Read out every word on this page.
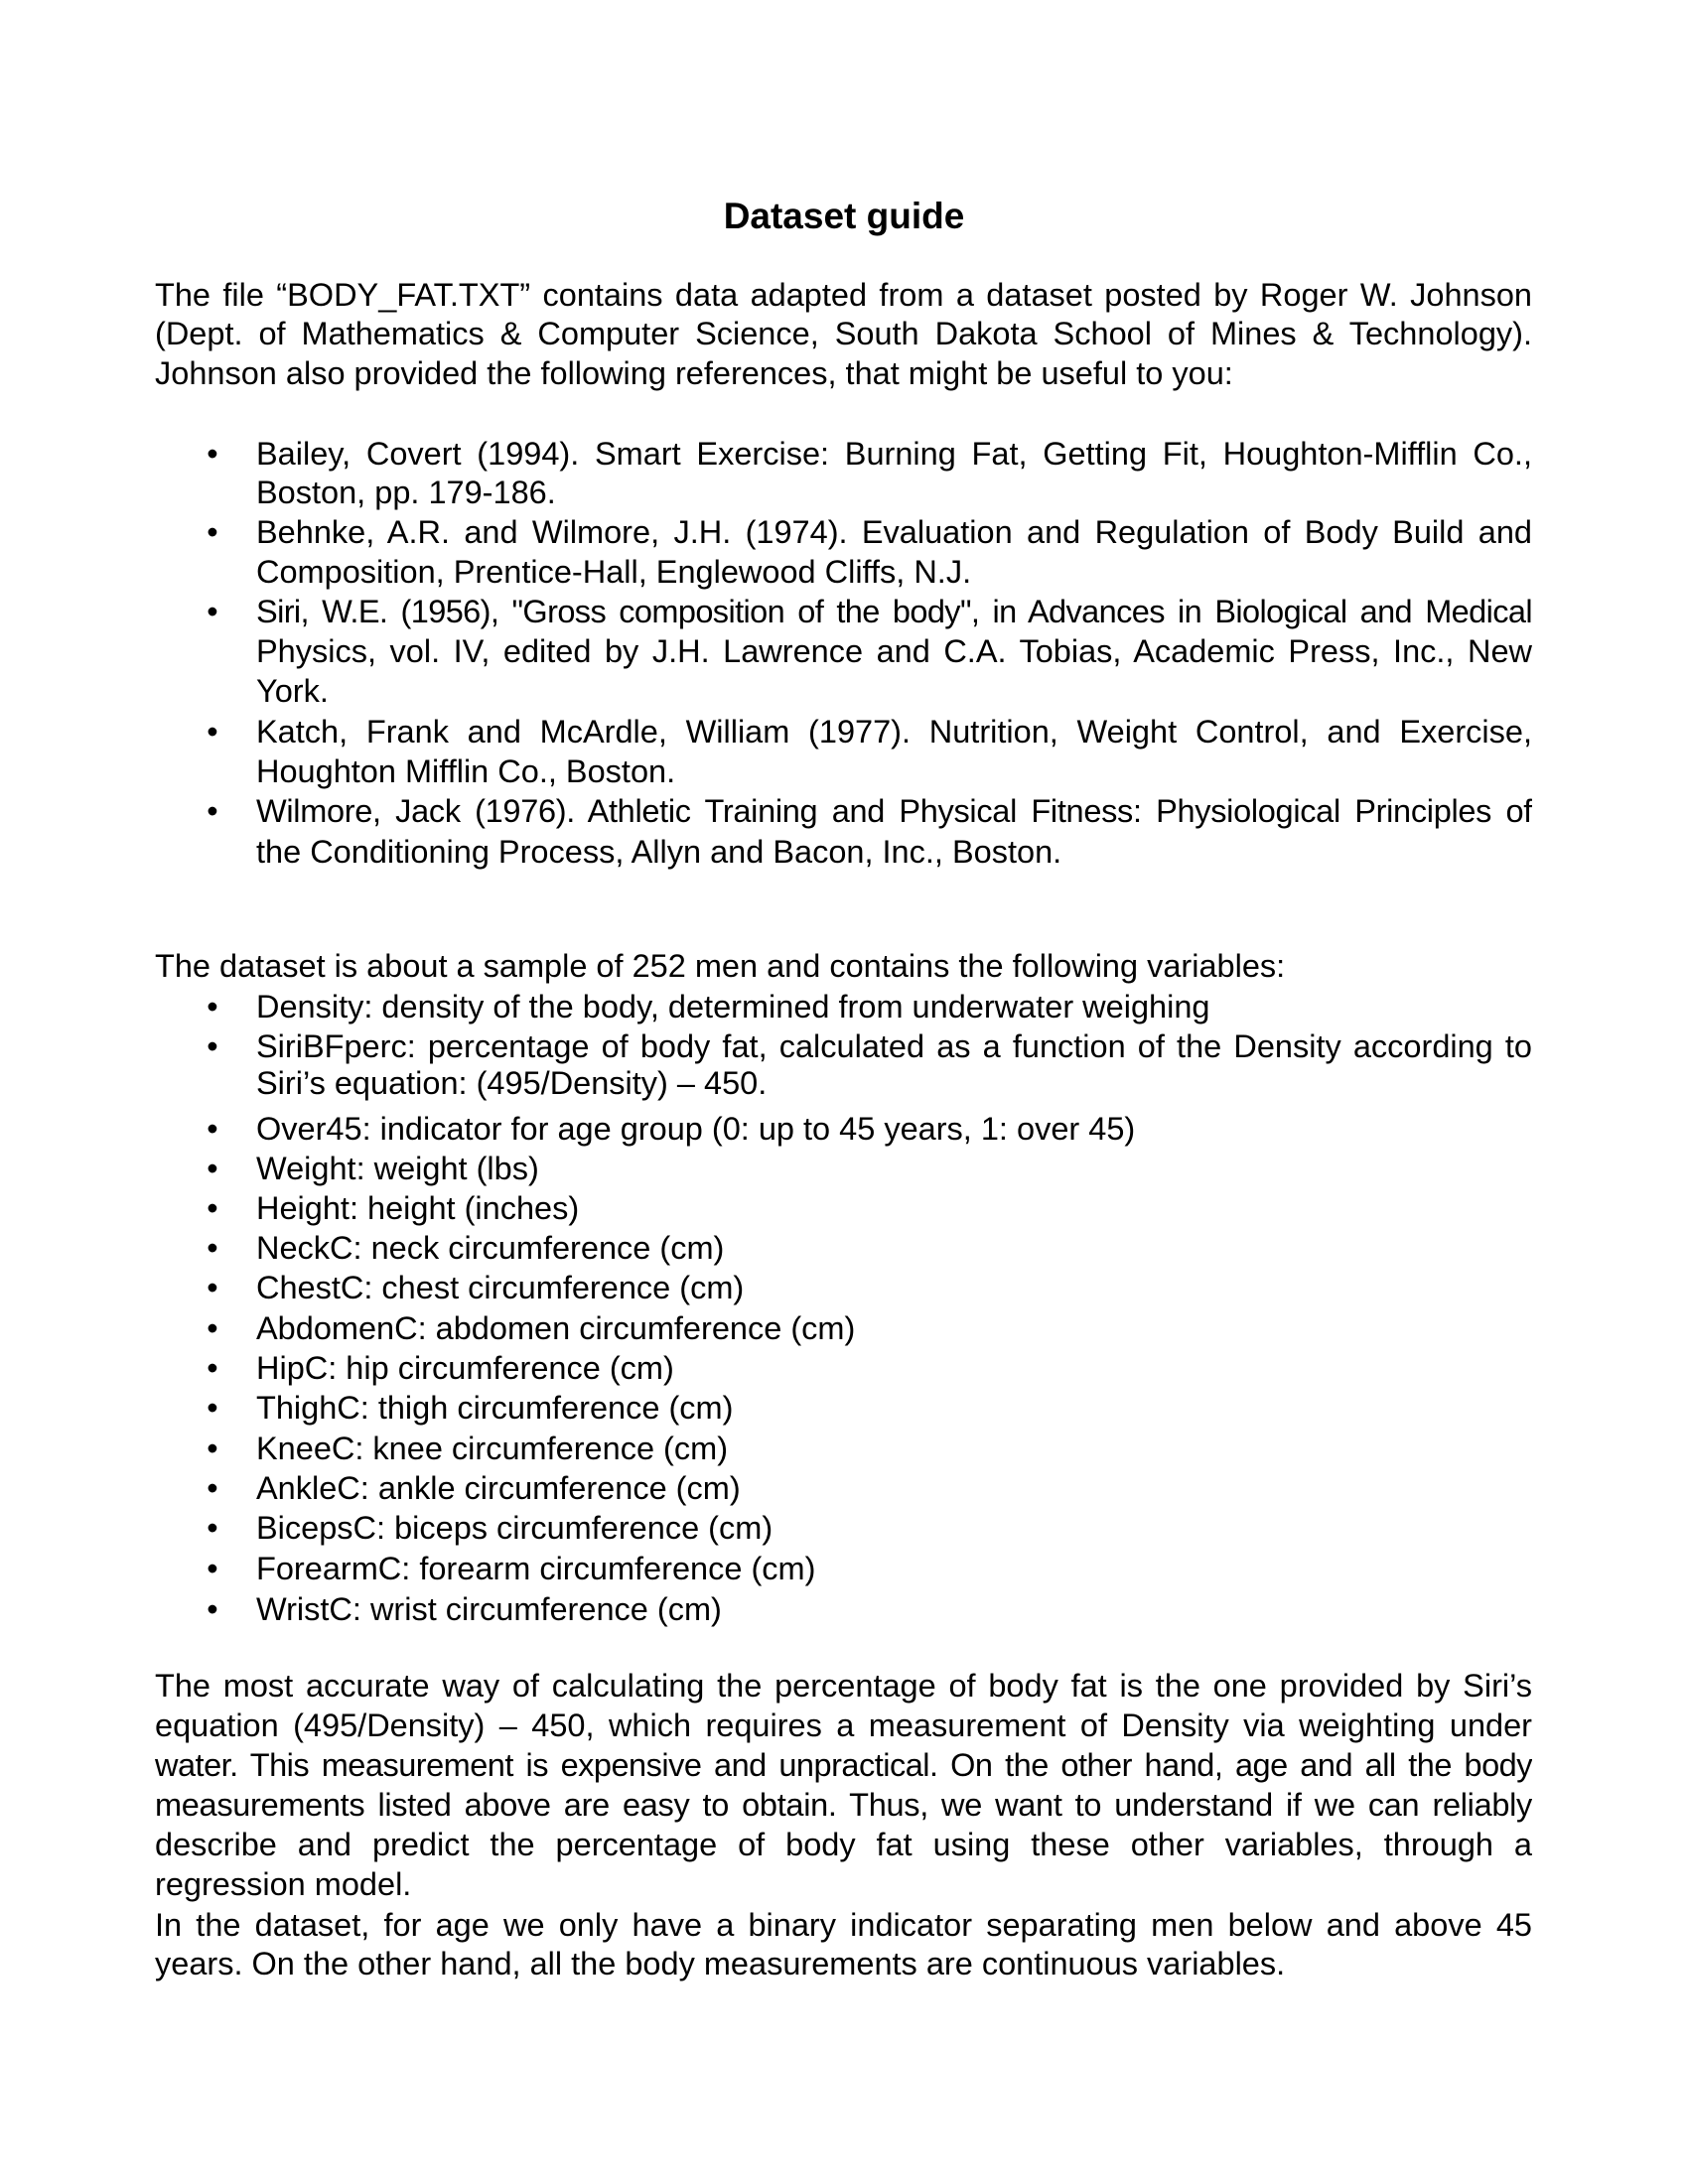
Dataset guide
The file “BODY_FAT.TXT” contains data adapted from a dataset posted by Roger W. Johnson
(Dept. of Mathematics & Computer Science, South Dakota School of Mines & Technology).
Johnson also provided the following references, that might be useful to you:
• Bailey, Covert (1994). Smart Exercise: Burning Fat, Getting Fit, Houghton-Mifflin Co.,
Boston, pp. 179-186.
• Behnke, A.R. and Wilmore, J.H. (1974). Evaluation and Regulation of Body Build and
Composition, Prentice-Hall, Englewood Cliffs, N.J.
• Siri, W.E. (1956), "Gross composition of the body", in Advances in Biological and Medical
Physics, vol. IV, edited by J.H. Lawrence and C.A. Tobias, Academic Press, Inc., New
York.
• Katch, Frank and McArdle, William (1977). Nutrition, Weight Control, and Exercise,
Houghton Mifflin Co., Boston.
• Wilmore, Jack (1976). Athletic Training and Physical Fitness: Physiological Principles of
the Conditioning Process, Allyn and Bacon, Inc., Boston.
The dataset is about a sample of 252 men and contains the following variables:
• Density: density of the body, determined from underwater weighing
• SiriBFperc: percentage of body fat, calculated as a function of the Density according to
Siri’s equation: (495/Density) – 450.
• Over45: indicator for age group (0: up to 45 years, 1: over 45)
• Weight: weight (lbs)
• Height: height (inches)
• NeckC: neck circumference (cm)
• ChestC: chest circumference (cm)
• AbdomenC: abdomen circumference (cm)
• HipC: hip circumference (cm)
• ThighC: thigh circumference (cm)
• KneeC: knee circumference (cm)
• AnkleC: ankle circumference (cm)
• BicepsC: biceps circumference (cm)
• ForearmC: forearm circumference (cm)
• WristC: wrist circumference (cm)
The most accurate way of calculating the percentage of body fat is the one provided by Siri’s
equation (495/Density) – 450, which requires a measurement of Density via weighting under
water. This measurement is expensive and unpractical. On the other hand, age and all the body
measurements listed above are easy to obtain. Thus, we want to understand if we can reliably
describe and predict the percentage of body fat using these other variables, through a
regression model.
In the dataset, for age we only have a binary indicator separating men below and above 45
years. On the other hand, all the body measurements are continuous variables.
